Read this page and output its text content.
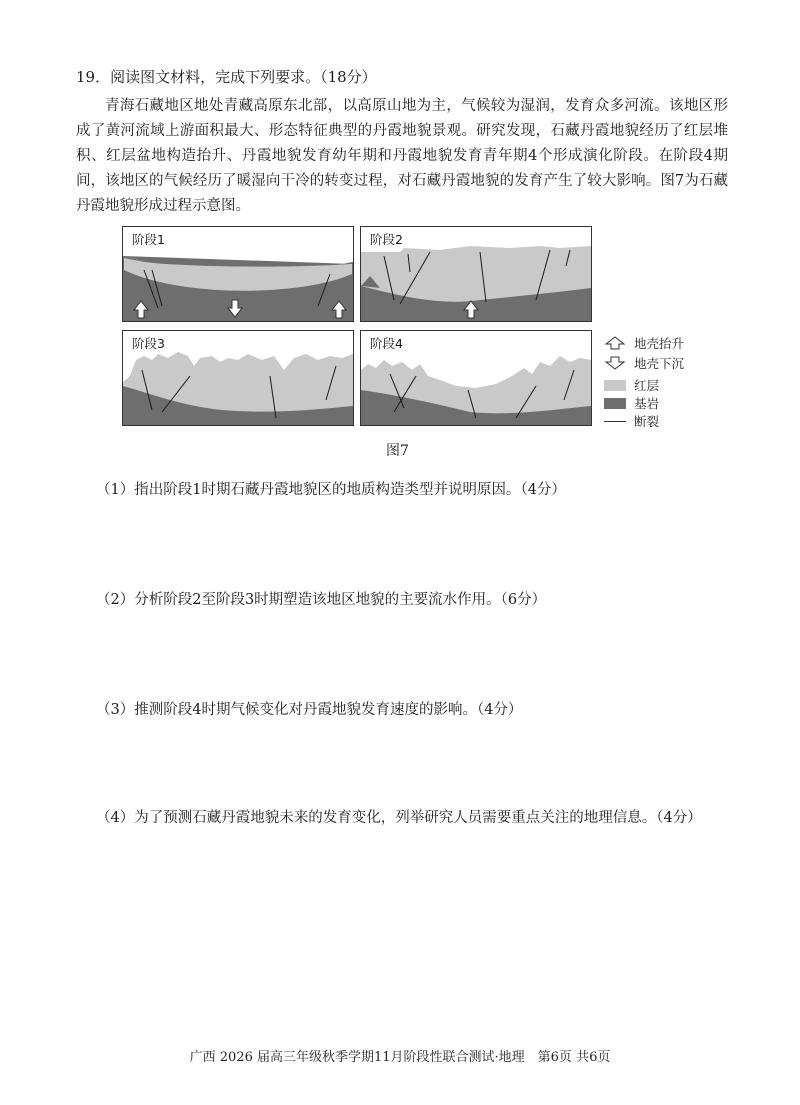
19．阅读图文材料，完成下列要求。（18分）
青海石藏地区地处青藏高原东北部，以高原山地为主，气候较为湿润，发育众多河流。该地区形成了黄河流域上游面积最大、形态特征典型的丹霞地貌景观。研究发现，石藏丹霞地貌经历了红层堆积、红层盆地构造抬升、丹霞地貌发育幼年期和丹霞地貌发育青年期4个形成演化阶段。在阶段4期间，该地区的气候经历了暖湿向干冷的转变过程，对石藏丹霞地貌的发育产生了较大影响。图7为石藏丹霞地貌形成过程示意图。
阶段1	阶段2
阶段3	阶段4	地壳抬升
地壳下沉
红层
基岩
断裂
图7
（1）指出阶段1时期石藏丹霞地貌区的地质构造类型并说明原因。（4分）
（2）分析阶段2至阶段3时期塑造该地区地貌的主要流水作用。（6分）
（3）推测阶段4时期气候变化对丹霞地貌发育速度的影响。（4分）
（4）为了预测石藏丹霞地貌未来的发育变化，列举研究人员需要重点关注的地理信息。（4分）
广西 2026 届高三年级秋季学期11月阶段性联合测试·地理　第6页 共6页
